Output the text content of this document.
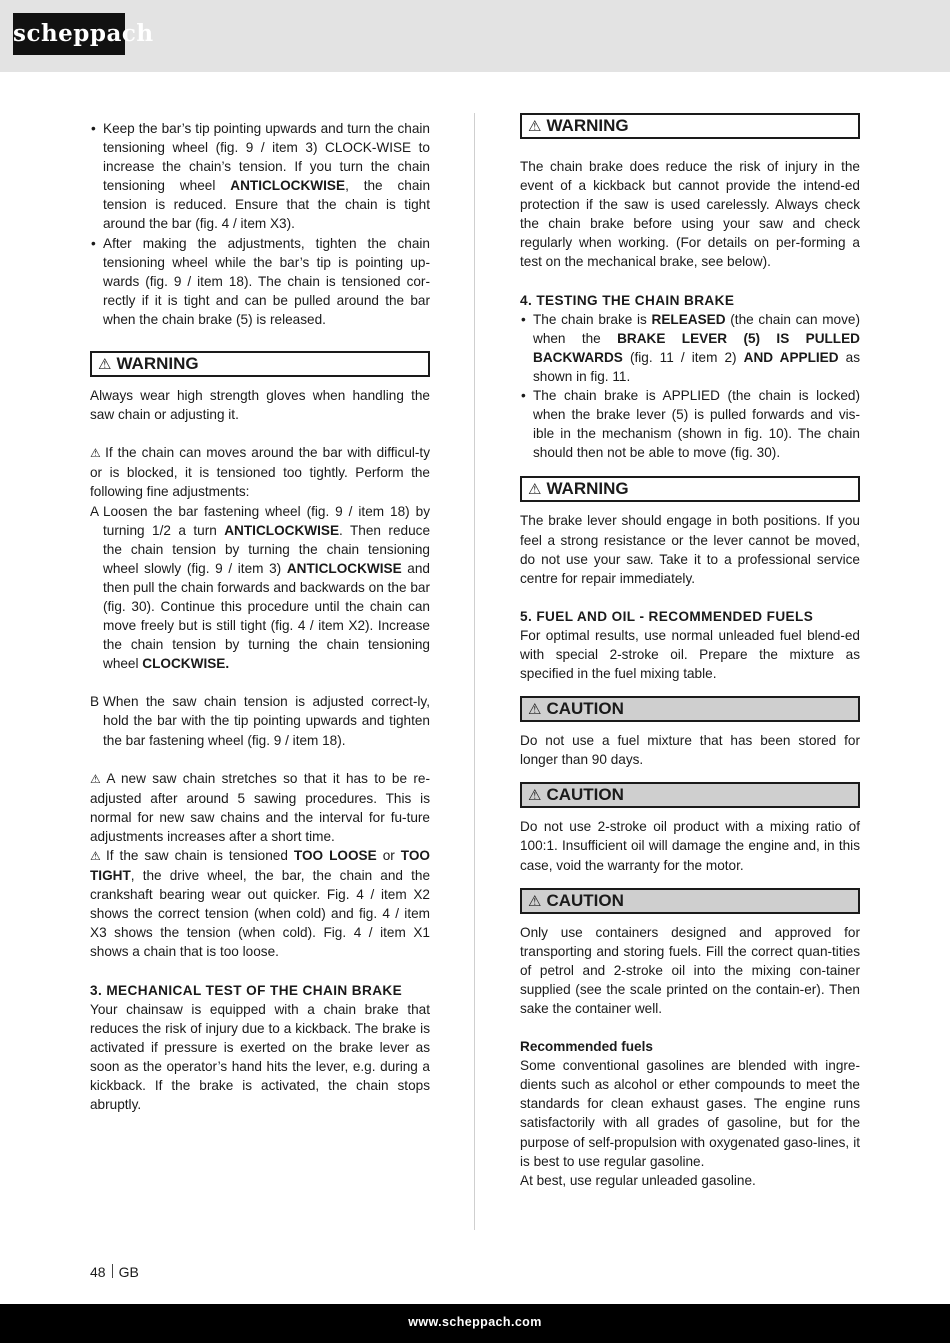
scheppach
• Keep the bar’s tip pointing upwards and turn the chain tensioning wheel (fig. 9 / item 3) CLOCK-WISE to increase the chain’s tension. If you turn the chain tensioning wheel ANTICLOCKWISE, the chain tension is reduced. Ensure that the chain is tight around the bar (fig. 4 / item X3).
• After making the adjustments, tighten the chain tensioning wheel while the bar’s tip is pointing up-wards (fig. 9 / item 18). The chain is tensioned cor-rectly if it is tight and can be pulled around the bar when the chain brake (5) is released.
⚠ WARNING

Always wear high strength gloves when handling the saw chain or adjusting it.

⚠ If the chain can moves around the bar with difficul-ty or is blocked, it is tensioned too tightly. Perform the following fine adjustments:

A Loosen the bar fastening wheel (fig. 9 / item 18) by turning 1/2 a turn ANTICLOCKWISE. Then reduce the chain tension by turning the chain tensioning wheel slowly (fig. 9 / item 3) ANTICLOCKWISE and then pull the chain forwards and backwards on the bar (fig. 30). Continue this procedure until the chain can move freely but is still tight (fig. 4 / item X2). Increase the chain tension by turning the chain tensioning wheel CLOCKWISE.
B When the saw chain tension is adjusted correct-ly, hold the bar with the tip pointing upwards and tighten the bar fastening wheel (fig. 9 / item 18).

⚠ A new saw chain stretches so that it has to be re-adjusted after around 5 sawing procedures. This is normal for new saw chains and the interval for fu-ture adjustments increases after a short time.

⚠ If the saw chain is tensioned TOO LOOSE or TOO TIGHT, the drive wheel, the bar, the chain and the crankshaft bearing wear out quicker. Fig. 4 / item X2 shows the correct tension (when cold) and fig. 4 / item X3 shows the tension (when cold). Fig. 4 / item X1 shows a chain that is too loose.

3. MECHANICAL TEST OF THE CHAIN BRAKE

Your chainsaw is equipped with a chain brake that reduces the risk of injury due to a kickback. The brake is activated if pressure is exerted on the brake lever as soon as the operator’s hand hits the lever, e.g. during a kickback. If the brake is activated, the chain stops abruptly.

⚠ WARNING

The chain brake does reduce the risk of injury in the event of a kickback but cannot provide the intend-ed protection if the saw is used carelessly. Always check the chain brake before using your saw and check regularly when working. (For details on per-forming a test on the mechanical brake, see below).

4. TESTING THE CHAIN BRAKE

• The chain brake is RELEASED (the chain can move) when the BRAKE LEVER (5) IS PULLED BACKWARDS (fig. 11 / item 2) AND APPLIED as shown in fig. 11.
• The chain brake is APPLIED (the chain is locked) when the brake lever (5) is pulled forwards and vis-ible in the mechanism (shown in fig. 10). The chain should then not be able to move (fig. 30).
⚠ WARNING

The brake lever should engage in both positions. If you feel a strong resistance or the lever cannot be moved, do not use your saw. Take it to a professional service centre for repair immediately.

5. FUEL AND OIL - RECOMMENDED FUELS

For optimal results, use normal unleaded fuel blend-ed with special 2-stroke oil. Prepare the mixture as specified in the fuel mixing table.

⚠ CAUTION

Do not use a fuel mixture that has been stored for longer than 90 days.

⚠ CAUTION

Do not use 2-stroke oil product with a mixing ratio of 100:1. Insufficient oil will damage the engine and, in this case, void the warranty for the motor.

⚠ CAUTION

Only use containers designed and approved for transporting and storing fuels. Fill the correct quan-tities of petrol and 2-stroke oil into the mixing con-tainer supplied (see the scale printed on the contain-er). Then sake the container well.

Recommended fuels

Some conventional gasolines are blended with ingre-dients such as alcohol or ether compounds to meet the standards for clean exhaust gases. The engine runs satisfactorily with all grades of gasoline, but for the purpose of self-propulsion with oxygenated gaso-lines, it is best to use regular gasoline.

At best, use regular unleaded gasoline.

48 GB
www.scheppach.com
